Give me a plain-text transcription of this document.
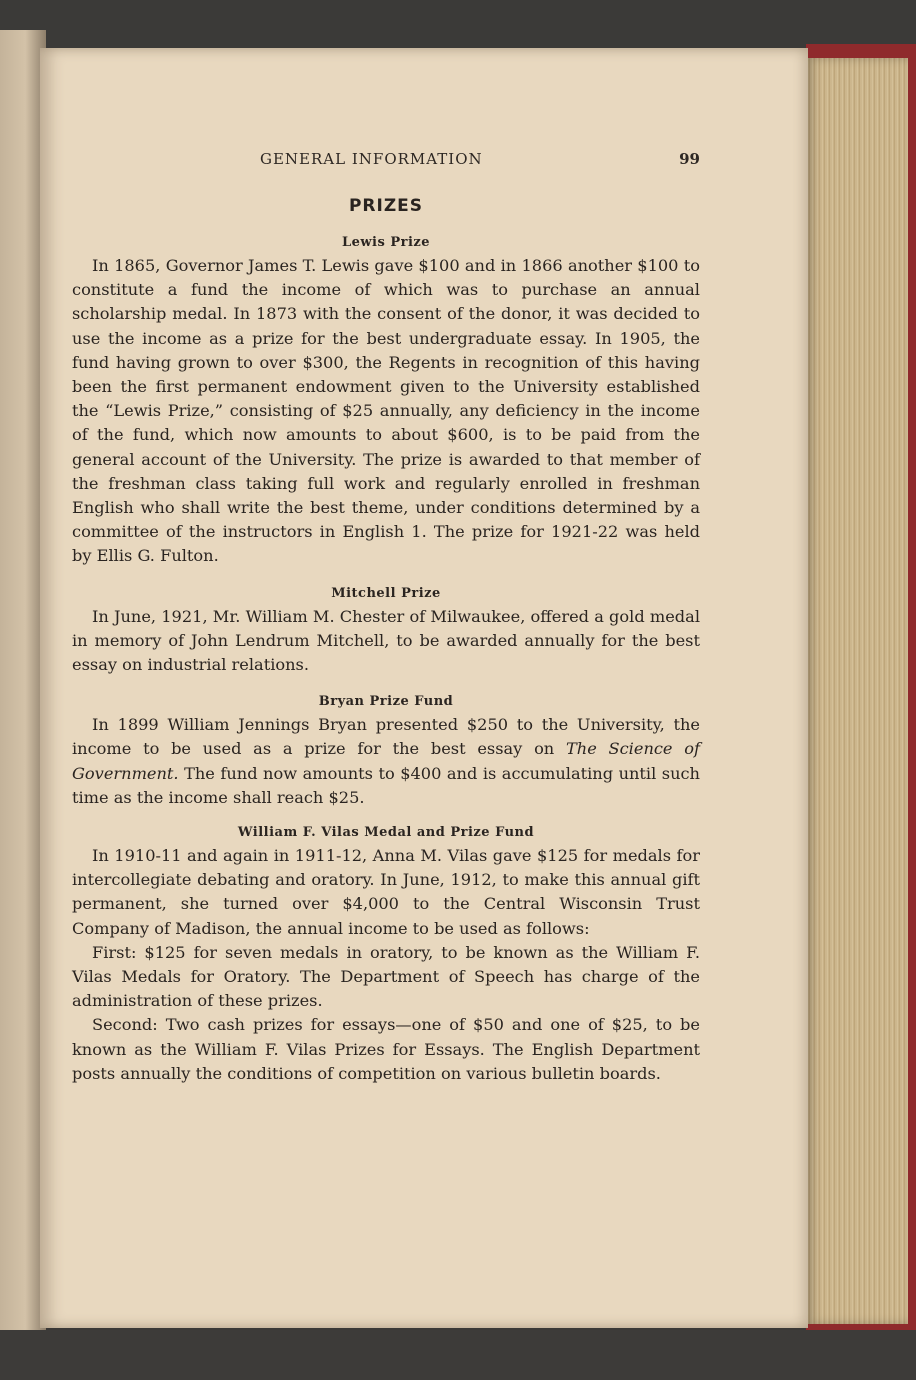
GENERAL INFORMATION	99
PRIZES

Lewis Prize

In 1865, Governor James T. Lewis gave $100 and in 1866 another $100 to constitute a fund the income of which was to purchase an annual scholarship medal. In 1873 with the consent of the donor, it was decided to use the income as a prize for the best undergraduate essay. In 1905, the fund having grown to over $300, the Regents in recognition of this having been the first permanent endowment given to the University established the “Lewis Prize,” consisting of $25 annually, any deficiency in the income of the fund, which now amounts to about $600, is to be paid from the general account of the University. The prize is awarded to that member of the freshman class taking full work and regularly enrolled in freshman English who shall write the best theme, under conditions determined by a committee of the instructors in English 1. The prize for 1921-22 was held by Ellis G. Fulton.

Mitchell Prize

In June, 1921, Mr. William M. Chester of Milwaukee, offered a gold medal in memory of John Lendrum Mitchell, to be awarded annually for the best essay on industrial relations.

Bryan Prize Fund

In 1899 William Jennings Bryan presented $250 to the University, the income to be used as a prize for the best essay on The Science of Government. The fund now amounts to $400 and is accumulating until such time as the income shall reach $25.

William F. Vilas Medal and Prize Fund

In 1910-11 and again in 1911-12, Anna M. Vilas gave $125 for medals for intercollegiate debating and oratory. In June, 1912, to make this annual gift permanent, she turned over $4,000 to the Central Wisconsin Trust Company of Madison, the annual income to be used as follows:

First: $125 for seven medals in oratory, to be known as the William F. Vilas Medals for Oratory. The Department of Speech has charge of the administration of these prizes.

Second: Two cash prizes for essays—one of $50 and one of $25, to be known as the William F. Vilas Prizes for Essays. The English Department posts annually the conditions of competition on various bulletin boards.
